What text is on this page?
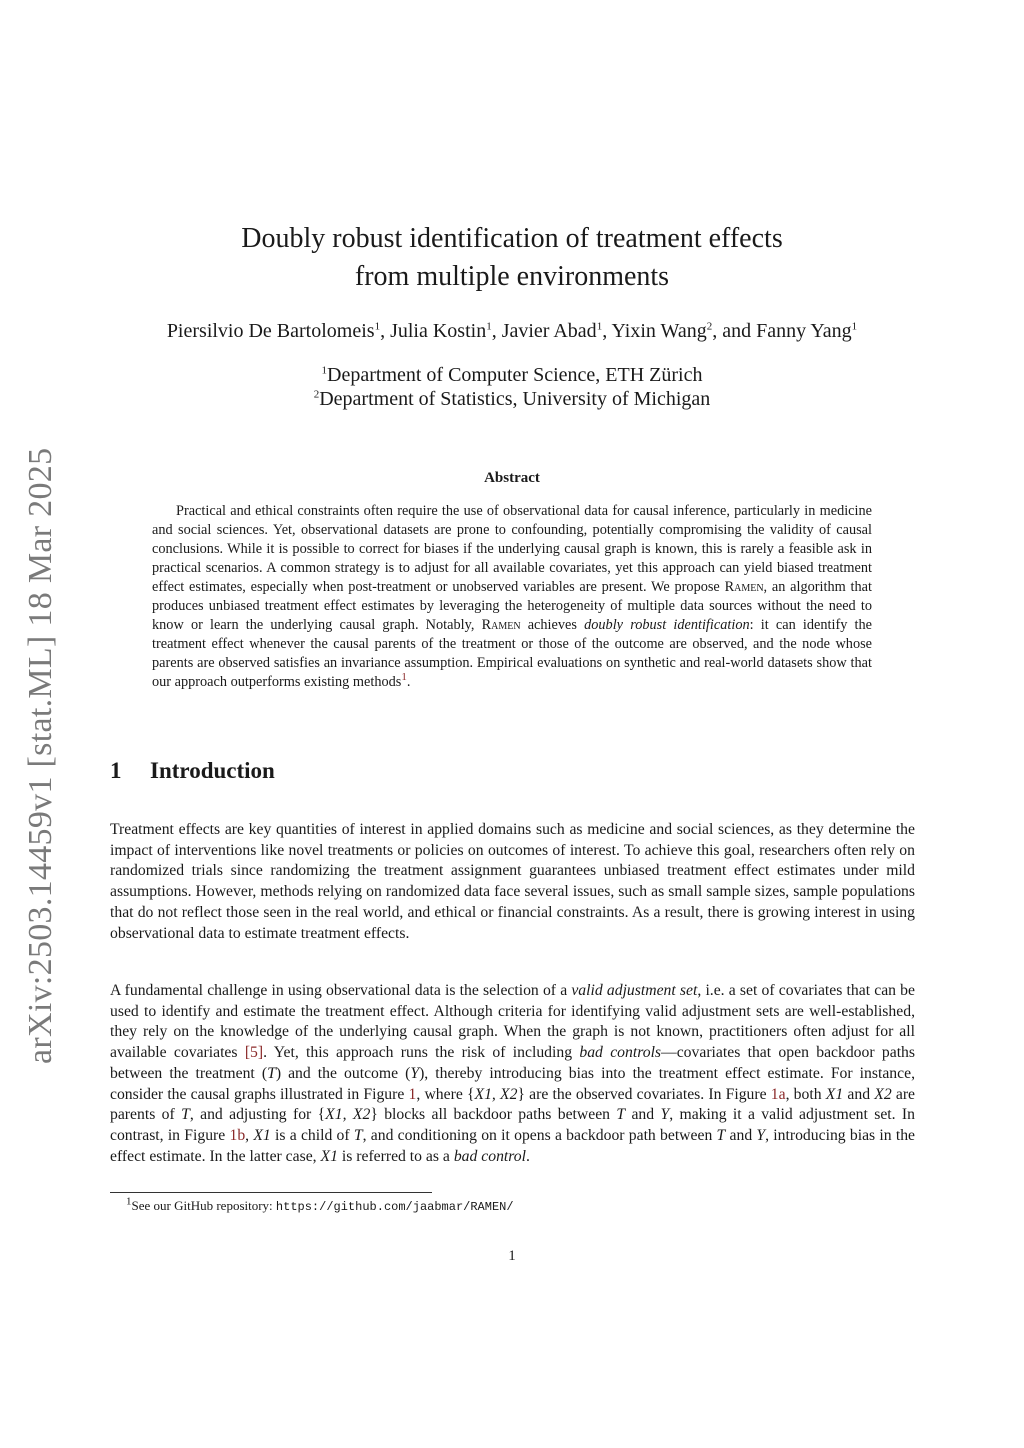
arXiv:2503.14459v1 [stat.ML] 18 Mar 2025
Doubly robust identification of treatment effects
from multiple environments
Piersilvio De Bartolomeis$^1$, Julia Kostin$^1$, Javier Abad$^1$, Yixin Wang$^2$, and Fanny Yang$^1$
$^1$Department of Computer Science, ETH Zürich
$^2$Department of Statistics, University of Michigan
Abstract
Practical and ethical constraints often require the use of observational data for causal inference, particularly in medicine and social sciences. Yet, observational datasets are prone to confounding, potentially compromising the validity of causal conclusions. While it is possible to correct for biases if the underlying causal graph is known, this is rarely a feasible ask in practical scenarios. A common strategy is to adjust for all available covariates, yet this approach can yield biased treatment effect estimates, especially when post-treatment or unobserved variables are present. We propose Ramen, an algorithm that produces unbiased treatment effect estimates by leveraging the heterogeneity of multiple data sources without the need to know or learn the underlying causal graph. Notably, Ramen achieves doubly robust identification: it can identify the treatment effect whenever the causal parents of the treatment or those of the outcome are observed, and the node whose parents are observed satisfies an invariance assumption. Empirical evaluations on synthetic and real-world datasets show that our approach outperforms existing methods$^1$.
1 Introduction
Treatment effects are key quantities of interest in applied domains such as medicine and social sciences, as they determine the impact of interventions like novel treatments or policies on outcomes of interest. To achieve this goal, researchers often rely on randomized trials since randomizing the treatment assignment guarantees unbiased treatment effect estimates under mild assumptions. However, methods relying on randomized data face several issues, such as small sample sizes, sample populations that do not reflect those seen in the real world, and ethical or financial constraints. As a result, there is growing interest in using observational data to estimate treatment effects.
A fundamental challenge in using observational data is the selection of a valid adjustment set, i.e. a set of covariates that can be used to identify and estimate the treatment effect. Although criteria for identifying valid adjustment sets are well-established, they rely on the knowledge of the underlying causal graph. When the graph is not known, practitioners often adjust for all available covariates [5]. Yet, this approach runs the risk of including bad controls—covariates that open backdoor paths between the treatment (T) and the outcome (Y), thereby introducing bias into the treatment effect estimate. For instance, consider the causal graphs illustrated in Figure 1, where {X1, X2} are the observed covariates. In Figure 1a, both X1 and X2 are parents of T, and adjusting for {X1, X2} blocks all backdoor paths between T and Y, making it a valid adjustment set. In contrast, in Figure 1b, X1 is a child of T, and conditioning on it opens a backdoor path between T and Y, introducing bias in the effect estimate. In the latter case, X1 is referred to as a bad control.
$^1$See our GitHub repository: https://github.com/jaabmar/RAMEN/
1
